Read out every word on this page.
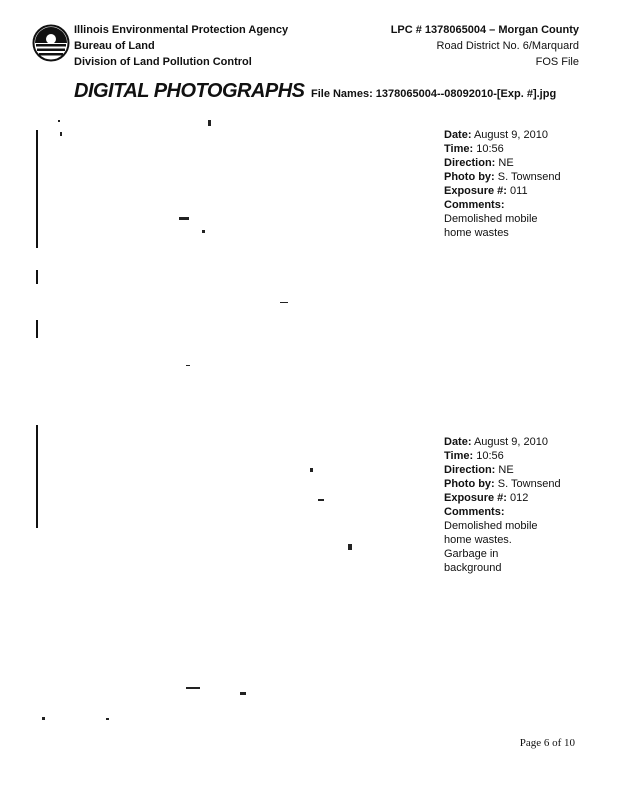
Illinois Environmental Protection Agency
Bureau of Land
Division of Land Pollution Control
LPC # 1378065004 – Morgan County
Road District No. 6/Marquard
FOS File
DIGITAL PHOTOGRAPHS File Names: 1378065004--08092010-[Exp. #].jpg
Date: August 9, 2010
Time: 10:56
Direction: NE
Photo by: S. Townsend
Exposure #: 011
Comments:
Demolished mobile home wastes
Date: August 9, 2010
Time: 10:56
Direction: NE
Photo by: S. Townsend
Exposure #: 012
Comments:
Demolished mobile home wastes. Garbage in background
Page 6 of 10
